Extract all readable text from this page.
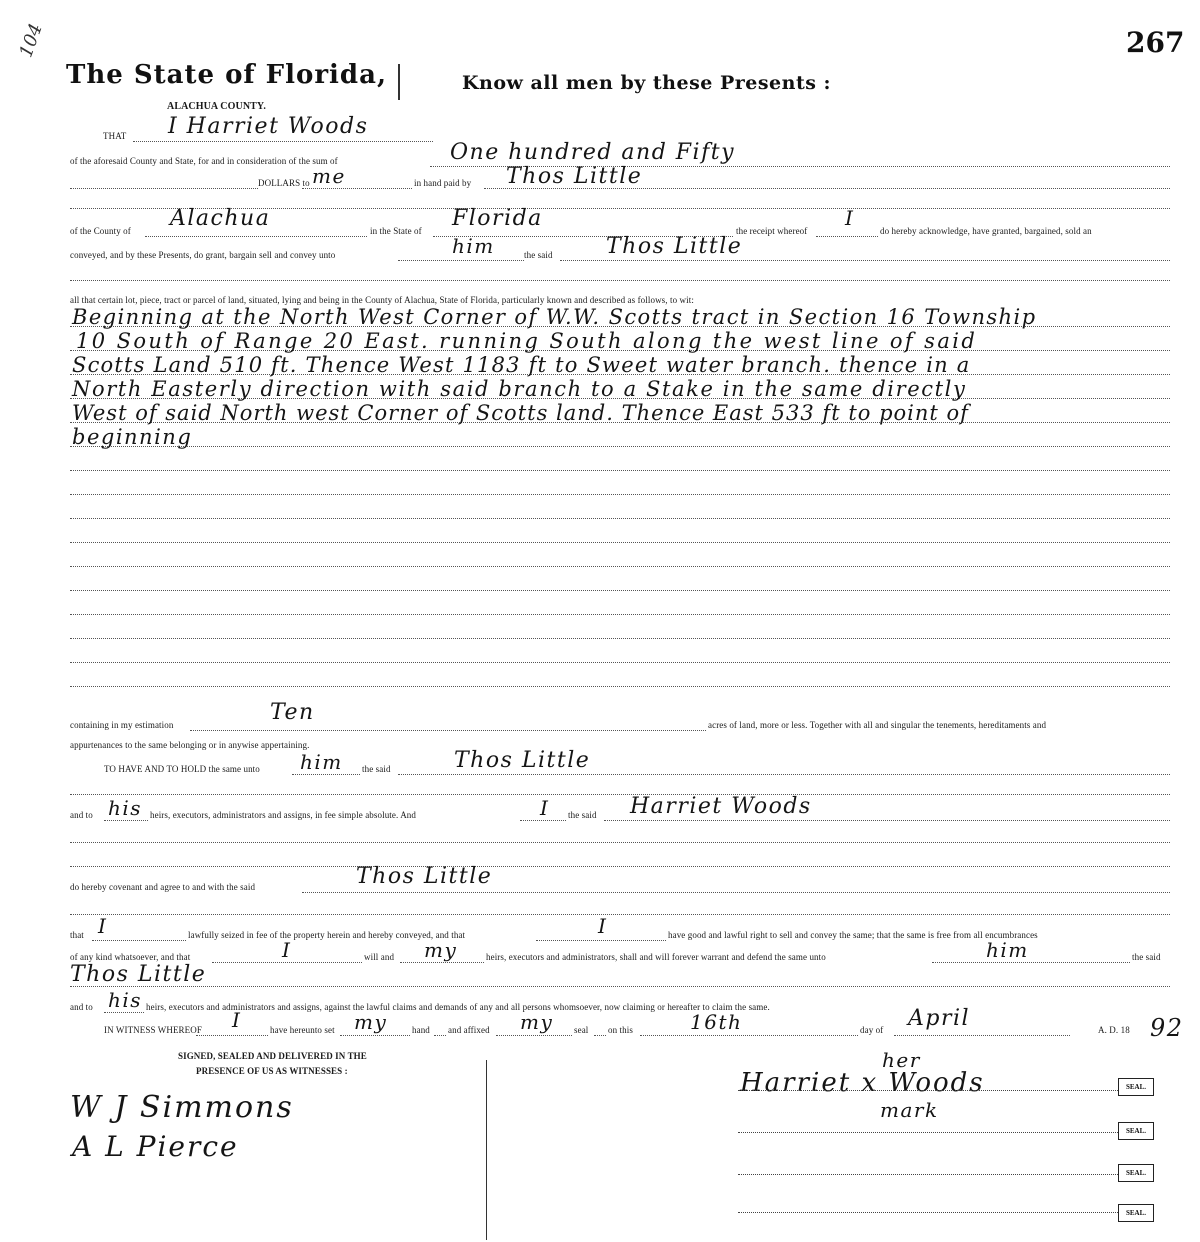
104	267
The State of Florida,	Know all men by these Presents :
ALACHUA COUNTY.
THAT I Harriet Woods
of the aforesaid County and State, for and in consideration of the sum of	One hundred and Fifty
DOLLARS to me	in hand paid by Thos Little
of the County of Alachua	in the State of Florida	the receipt whereof
I
do hereby acknowledge, have granted, bargained, sold an
conveyed, and by these Presents, do grant, bargain sell and convey unto	him	the said Thos Little
all that certain lot, piece, tract or parcel of land, situated, lying and being in the County of Alachua, State of Florida, particularly known and described as follows, to wit:
Beginning at the North West Corner of W.W. Scotts tract in Section 16 Township
10 South of Range 20 East. running South along the west line of said
Scotts Land 510 ft. Thence West 1183 ft to Sweet water branch. thence in a
North Easterly direction with said branch to a Stake in the same directly
West of said North west Corner of Scotts land. Thence East 533 ft to point of
beginning
containing in my estimation	Ten	acres of land, more or less. Together with all and singular the tenements, hereditaments and
appurtenances to the same belonging or in anywise appertaining.
TO HAVE AND TO HOLD the same unto him the said	Thos Little
and to his heirs, executors, administrators and assigns, in fee simple absolute. And	I the said Harriet Woods
do hereby covenant and agree to and with the said	Thos Little
that I	lawfully seized in fee of the property herein and hereby conveyed, and that	I	have good and lawful right to sell and convey the same; that the same is free from all encumbrances
of any kind whatsoever, and that	I	will and my	heirs, executors and administrators, shall and will forever warrant and defend the same unto	him	the said
Thos Little
and to his heirs, executors and administrators and assigns, against the lawful claims and demands of any and all persons whomsoever, now claiming or hereafter to claim the same.
IN WITNESS WHEREOF I	have hereunto set my	hand and affixed my seal on this	16th	day of April	A. D. 18 92
SIGNED, SEALED AND DELIVERED IN THE
PRESENCE OF US AS WITNESSES :
W J Simmons
A L Pierce
her
Harriet x Woods
mark
SEAL.
SEAL.
SEAL.
SEAL.
